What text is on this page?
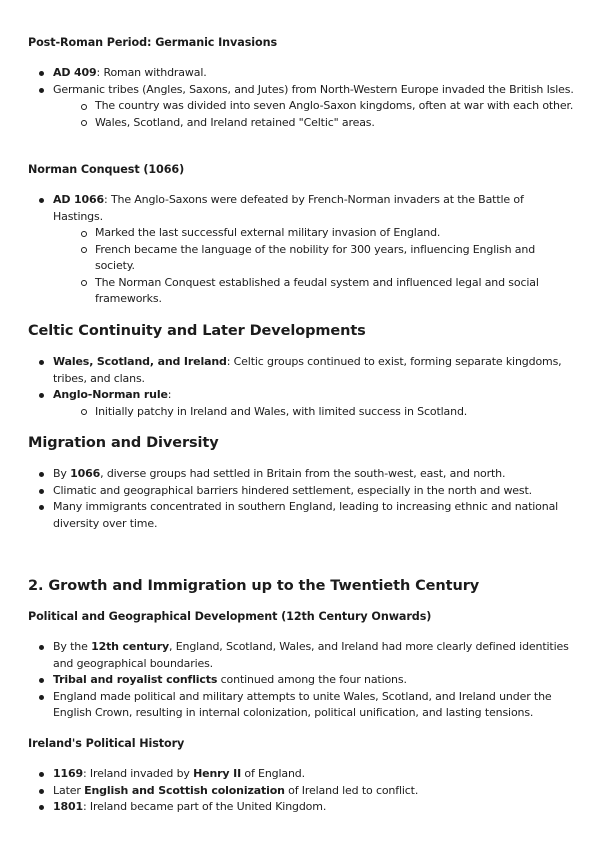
Post-Roman Period: Germanic Invasions
AD 409: Roman withdrawal.
Germanic tribes (Angles, Saxons, and Jutes) from North-Western Europe invaded the British Isles.
The country was divided into seven Anglo-Saxon kingdoms, often at war with each other.
Wales, Scotland, and Ireland retained "Celtic" areas.
Norman Conquest (1066)
AD 1066: The Anglo-Saxons were defeated by French-Norman invaders at the Battle of Hastings.
Marked the last successful external military invasion of England.
French became the language of the nobility for 300 years, influencing English and society.
The Norman Conquest established a feudal system and influenced legal and social frameworks.
Celtic Continuity and Later Developments
Wales, Scotland, and Ireland: Celtic groups continued to exist, forming separate kingdoms, tribes, and clans.
Anglo-Norman rule:
Initially patchy in Ireland and Wales, with limited success in Scotland.
Migration and Diversity
By 1066, diverse groups had settled in Britain from the south-west, east, and north.
Climatic and geographical barriers hindered settlement, especially in the north and west.
Many immigrants concentrated in southern England, leading to increasing ethnic and national diversity over time.
2. Growth and Immigration up to the Twentieth Century
Political and Geographical Development (12th Century Onwards)
By the 12th century, England, Scotland, Wales, and Ireland had more clearly defined identities and geographical boundaries.
Tribal and royalist conflicts continued among the four nations.
England made political and military attempts to unite Wales, Scotland, and Ireland under the English Crown, resulting in internal colonization, political unification, and lasting tensions.
Ireland's Political History
1169: Ireland invaded by Henry II of England.
Later English and Scottish colonization of Ireland led to conflict.
1801: Ireland became part of the United Kingdom.
